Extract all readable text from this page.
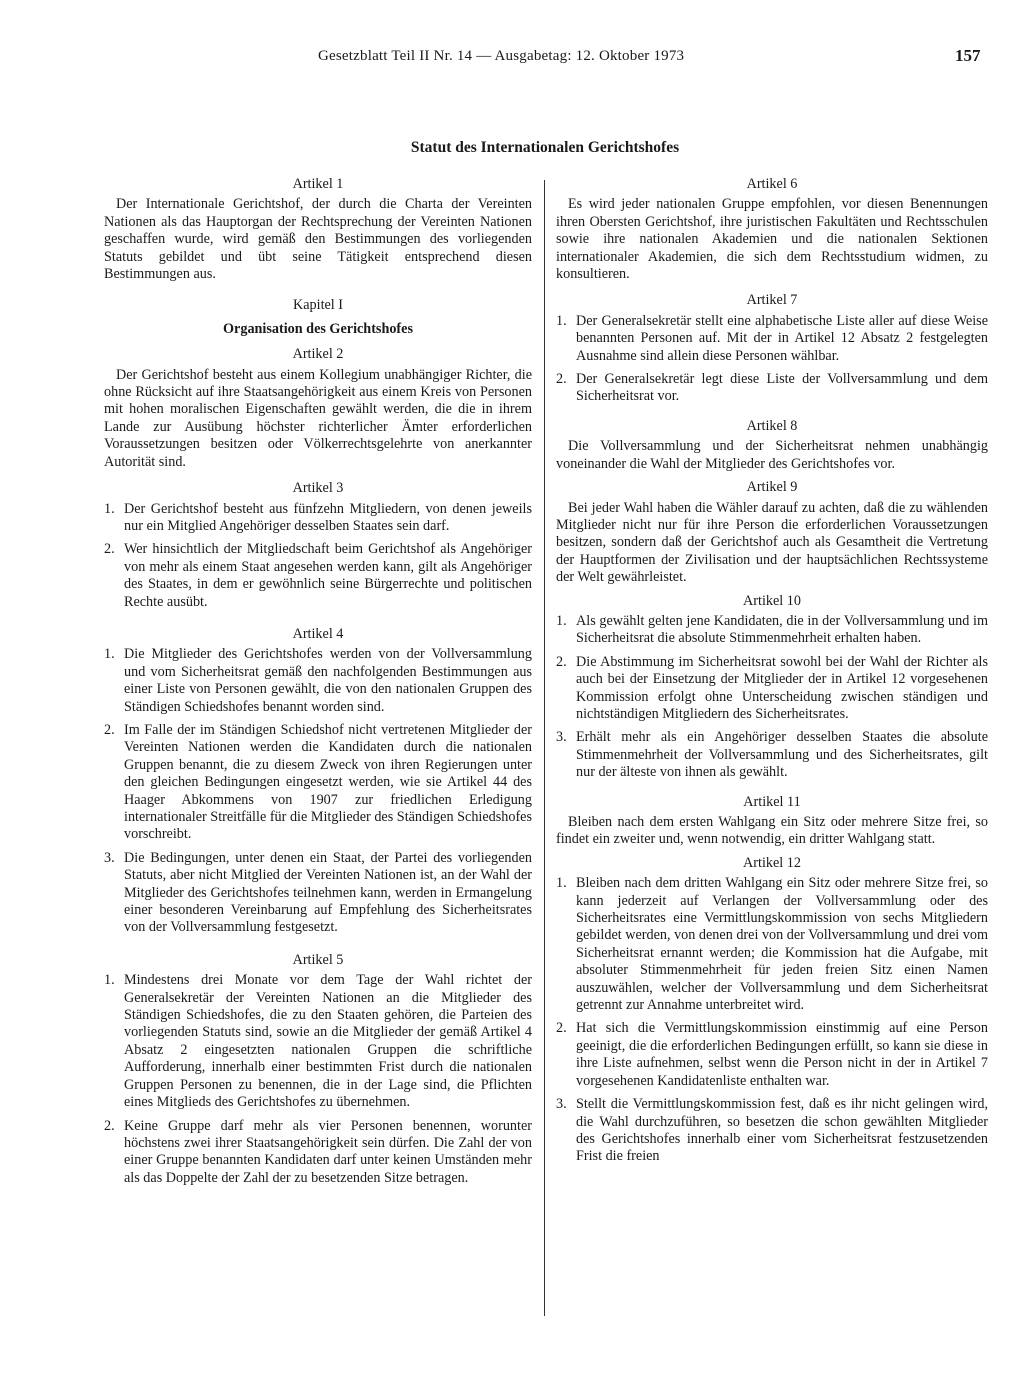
Gesetzblatt Teil II Nr. 14 — Ausgabetag: 12. Oktober 1973	157
Statut des Internationalen Gerichtshofes
Artikel 1

Der Internationale Gerichtshof, der durch die Charta der Vereinten Nationen als das Hauptorgan der Rechtsprechung der Vereinten Nationen geschaffen wurde, wird gemäß den Bestimmungen des vorliegenden Statuts gebildet und übt seine Tätigkeit entsprechend diesen Bestimmungen aus.

Kapitel I
Organisation des Gerichtshofes
Artikel 2

Der Gerichtshof besteht aus einem Kollegium unabhängiger Richter, die ohne Rücksicht auf ihre Staatsangehörigkeit aus einem Kreis von Personen mit hohen moralischen Eigenschaften gewählt werden, die die in ihrem Lande zur Ausübung höchster richterlicher Ämter erforderlichen Voraussetzungen besitzen oder Völkerrechtsgelehrte von anerkannter Autorität sind.

Artikel 3
1. Der Gerichtshof besteht aus fünfzehn Mitgliedern, von denen jeweils nur ein Mitglied Angehöriger desselben Staates sein darf.
2. Wer hinsichtlich der Mitgliedschaft beim Gerichtshof als Angehöriger von mehr als einem Staat angesehen werden kann, gilt als Angehöriger des Staates, in dem er gewöhnlich seine Bürgerrechte und politischen Rechte ausübt.
Artikel 4
1. Die Mitglieder des Gerichtshofes werden von der Vollversammlung und vom Sicherheitsrat gemäß den nachfolgenden Bestimmungen aus einer Liste von Personen gewählt, die von den nationalen Gruppen des Ständigen Schiedshofes benannt worden sind.
2. Im Falle der im Ständigen Schiedshof nicht vertretenen Mitglieder der Vereinten Nationen werden die Kandidaten durch die nationalen Gruppen benannt, die zu diesem Zweck von ihren Regierungen unter den gleichen Bedingungen eingesetzt werden, wie sie Artikel 44 des Haager Abkommens von 1907 zur friedlichen Erledigung internationaler Streitfälle für die Mitglieder des Ständigen Schiedshofes vorschreibt.
3. Die Bedingungen, unter denen ein Staat, der Partei des vorliegenden Statuts, aber nicht Mitglied der Vereinten Nationen ist, an der Wahl der Mitglieder des Gerichtshofes teilnehmen kann, werden in Ermangelung einer besonderen Vereinbarung auf Empfehlung des Sicherheitsrates von der Vollversammlung festgesetzt.
Artikel 5
1. Mindestens drei Monate vor dem Tage der Wahl richtet der Generalsekretär der Vereinten Nationen an die Mitglieder des Ständigen Schiedshofes, die zu den Staaten gehören, die Parteien des vorliegenden Statuts sind, sowie an die Mitglieder der gemäß Artikel 4 Absatz 2 eingesetzten nationalen Gruppen die schriftliche Aufforderung, innerhalb einer bestimmten Frist durch die nationalen Gruppen Personen zu benennen, die in der Lage sind, die Pflichten eines Mitglieds des Gerichtshofes zu übernehmen.
2. Keine Gruppe darf mehr als vier Personen benennen, worunter höchstens zwei ihrer Staatsangehörigkeit sein dürfen. Die Zahl der von einer Gruppe benannten Kandidaten darf unter keinen Umständen mehr als das Doppelte der Zahl der zu besetzenden Sitze betragen.
Artikel 6

Es wird jeder nationalen Gruppe empfohlen, vor diesen Benennungen ihren Obersten Gerichtshof, ihre juristischen Fakultäten und Rechtsschulen sowie ihre nationalen Akademien und die nationalen Sektionen internationaler Akademien, die sich dem Rechtsstudium widmen, zu konsultieren.

Artikel 7
1. Der Generalsekretär stellt eine alphabetische Liste aller auf diese Weise benannten Personen auf. Mit der in Artikel 12 Absatz 2 festgelegten Ausnahme sind allein diese Personen wählbar.
2. Der Generalsekretär legt diese Liste der Vollversammlung und dem Sicherheitsrat vor.
Artikel 8

Die Vollversammlung und der Sicherheitsrat nehmen unabhängig voneinander die Wahl der Mitglieder des Gerichtshofes vor.

Artikel 9

Bei jeder Wahl haben die Wähler darauf zu achten, daß die zu wählenden Mitglieder nicht nur für ihre Person die erforderlichen Voraussetzungen besitzen, sondern daß der Gerichtshof auch als Gesamtheit die Vertretung der Hauptformen der Zivilisation und der hauptsächlichen Rechtssysteme der Welt gewährleistet.

Artikel 10
1. Als gewählt gelten jene Kandidaten, die in der Vollversammlung und im Sicherheitsrat die absolute Stimmenmehrheit erhalten haben.
2. Die Abstimmung im Sicherheitsrat sowohl bei der Wahl der Richter als auch bei der Einsetzung der Mitglieder der in Artikel 12 vorgesehenen Kommission erfolgt ohne Unterscheidung zwischen ständigen und nichtständigen Mitgliedern des Sicherheitsrates.
3. Erhält mehr als ein Angehöriger desselben Staates die absolute Stimmenmehrheit der Vollversammlung und des Sicherheitsrates, gilt nur der älteste von ihnen als gewählt.
Artikel 11

Bleiben nach dem ersten Wahlgang ein Sitz oder mehrere Sitze frei, so findet ein zweiter und, wenn notwendig, ein dritter Wahlgang statt.

Artikel 12
1. Bleiben nach dem dritten Wahlgang ein Sitz oder mehrere Sitze frei, so kann jederzeit auf Verlangen der Vollversammlung oder des Sicherheitsrates eine Vermittlungskommission von sechs Mitgliedern gebildet werden, von denen drei von der Vollversammlung und drei vom Sicherheitsrat ernannt werden; die Kommission hat die Aufgabe, mit absoluter Stimmenmehrheit für jeden freien Sitz einen Namen auszuwählen, welcher der Vollversammlung und dem Sicherheitsrat getrennt zur Annahme unterbreitet wird.
2. Hat sich die Vermittlungskommission einstimmig auf eine Person geeinigt, die die erforderlichen Bedingungen erfüllt, so kann sie diese in ihre Liste aufnehmen, selbst wenn die Person nicht in der in Artikel 7 vorgesehenen Kandidatenliste enthalten war.
3. Stellt die Vermittlungskommission fest, daß es ihr nicht gelingen wird, die Wahl durchzuführen, so besetzen die schon gewählten Mitglieder des Gerichtshofes innerhalb einer vom Sicherheitsrat festzusetzenden Frist die freien
